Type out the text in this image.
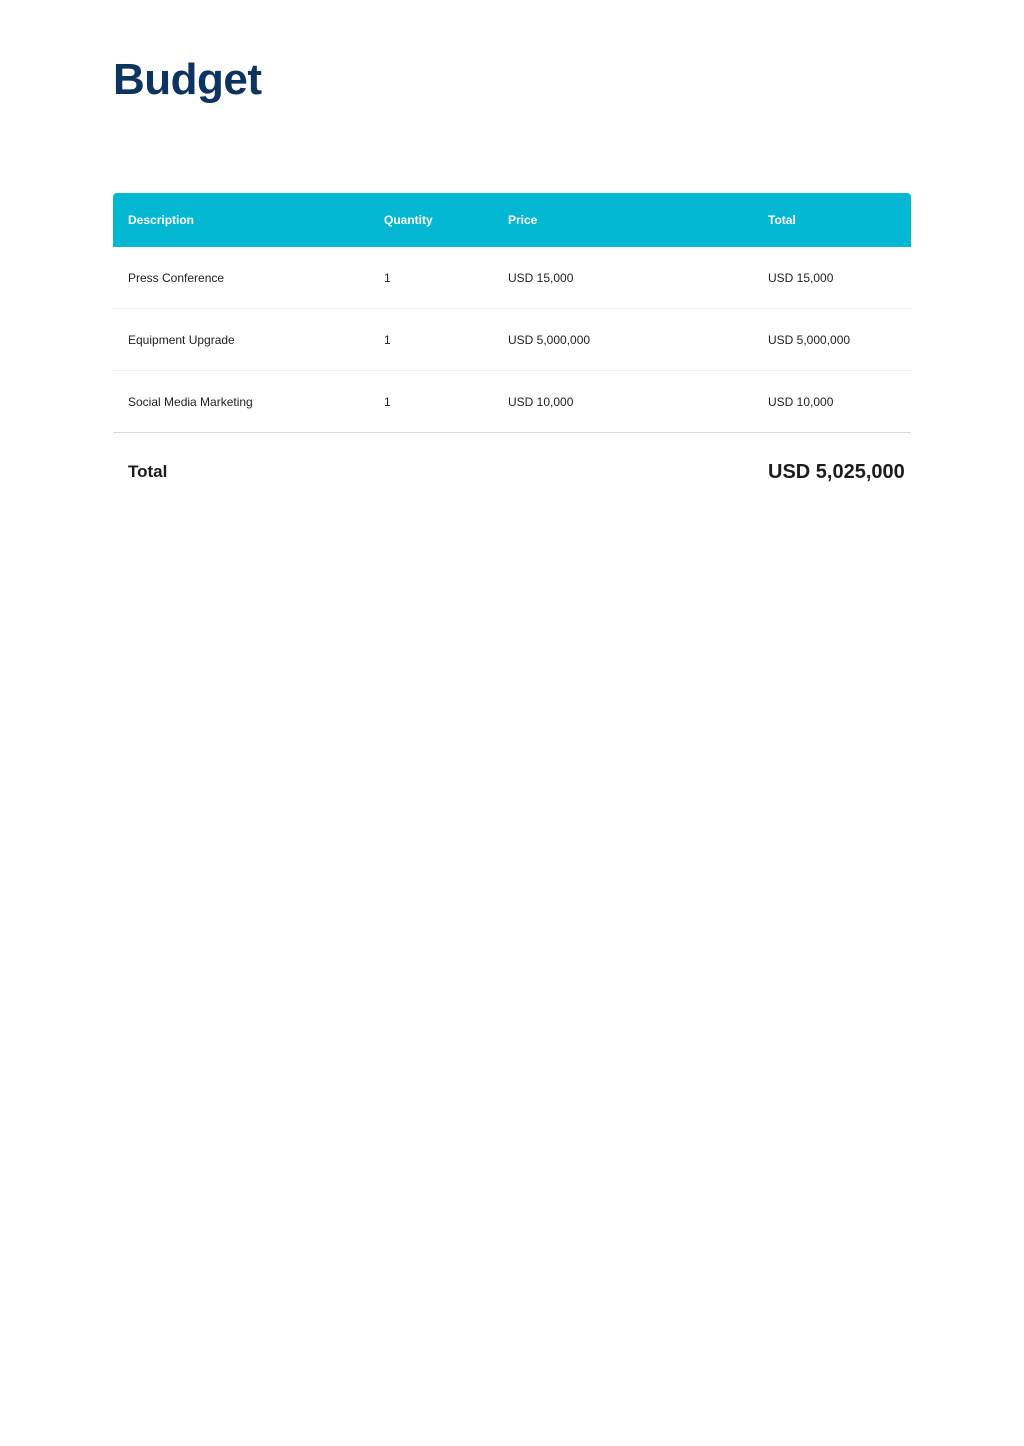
Budget
Description	Quantity	Price	Total
Press Conference	1	USD 15,000	USD 15,000
Equipment Upgrade	1	USD 5,000,000	USD 5,000,000
Social Media Marketing	1	USD 10,000	USD 10,000
Total			USD 5,025,000
